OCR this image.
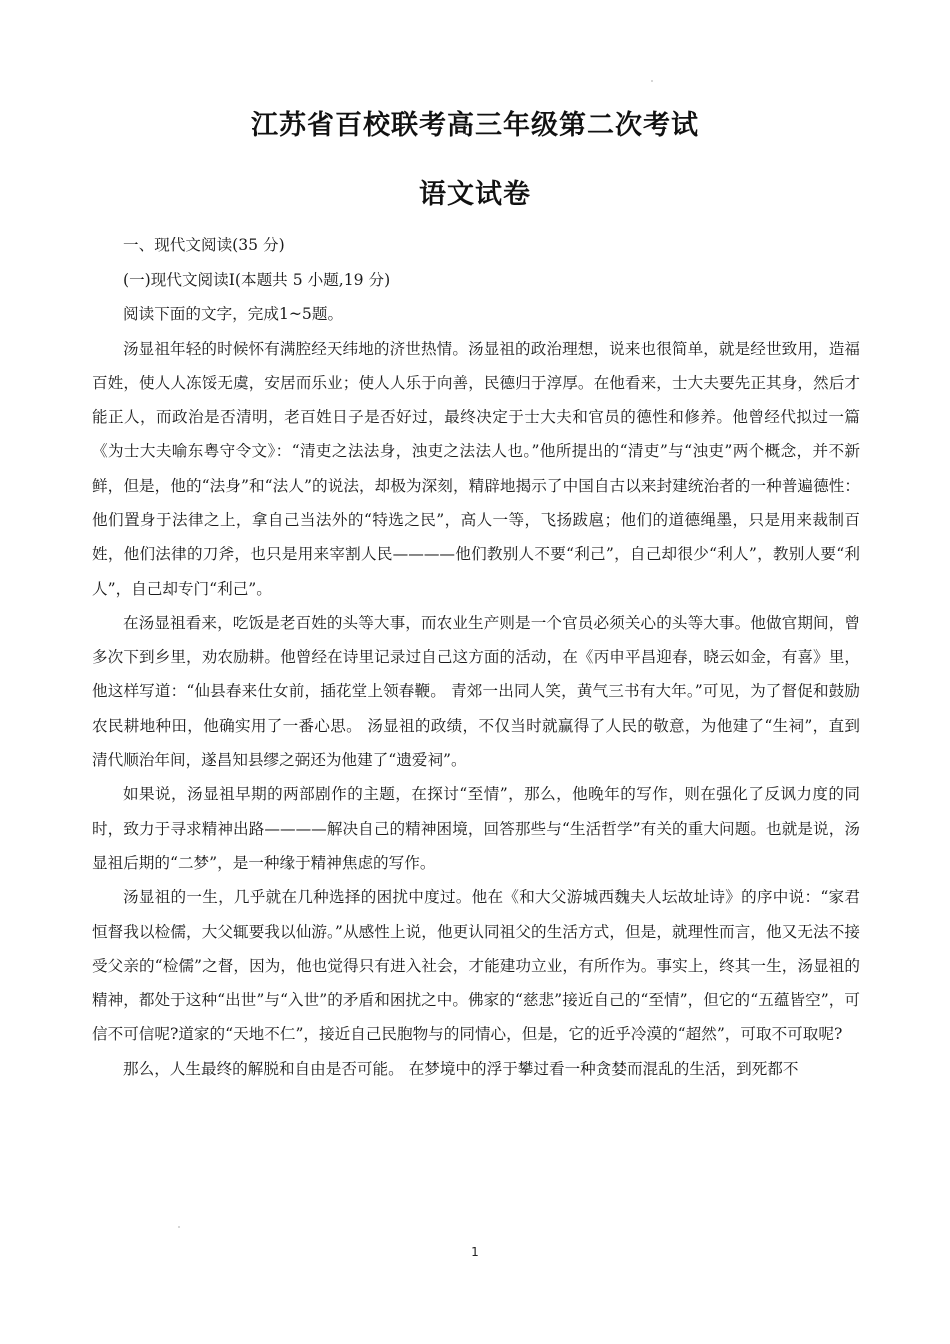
江苏省百校联考高三年级第二次考试
语文试卷

一、现代文阅读(35 分)

(一)现代文阅读Ⅰ(本题共 5 小题,19 分)

阅读下面的文字，完成1~5题。

汤显祖年轻的时候怀有满腔经天纬地的济世热情。汤显祖的政治理想，说来也很简单，就是经世致用，造福百姓，使人人冻馁无虞，安居而乐业；使人人乐于向善，民德归于淳厚。在他看来，士大夫要先正其身，然后才能正人，而政治是否清明，老百姓日子是否好过，最终决定于士大夫和官员的德性和修养。他曾经代拟过一篇《为士大夫喻东粤守令文》：“清吏之法法身，浊吏之法法人也。”他所提出的“清吏”与“浊吏”两个概念，并不新鲜，但是，他的“法身”和“法人”的说法，却极为深刻，精辟地揭示了中国自古以来封建统治者的一种普遍德性：他们置身于法律之上，拿自己当法外的“特选之民”，高人一等，飞扬跋扈；他们的道德绳墨，只是用来裁制百姓，他们法律的刀斧，也只是用来宰割人民————他们教别人不要“利己”，自己却很少“利人”，教别人要“利人”，自己却专门“利己”。

在汤显祖看来，吃饭是老百姓的头等大事，而农业生产则是一个官员必须关心的头等大事。他做官期间，曾多次下到乡里，劝农励耕。他曾经在诗里记录过自己这方面的活动，在《丙申平昌迎春，晓云如金，有喜》里，他这样写道：“仙县春来仕女前，插花堂上领春鞭。 青郊一出同人笑，黄气三书有大年。”可见，为了督促和鼓励农民耕地种田，他确实用了一番心思。 汤显祖的政绩，不仅当时就赢得了人民的敬意，为他建了“生祠”，直到清代顺治年间，遂昌知县缪之弼还为他建了“遗爱祠”。

如果说，汤显祖早期的两部剧作的主题，在探讨“至情”，那么，他晚年的写作，则在强化了反讽力度的同时，致力于寻求精神出路————解决自己的精神困境，回答那些与“生活哲学”有关的重大问题。也就是说，汤显祖后期的“二梦”，是一种缘于精神焦虑的写作。

汤显祖的一生，几乎就在几种选择的困扰中度过。他在《和大父游城西魏夫人坛故址诗》的序中说：“家君恒督我以检儒，大父辄要我以仙游。”从感性上说，他更认同祖父的生活方式，但是，就理性而言，他又无法不接受父亲的“检儒”之督，因为，他也觉得只有进入社会，才能建功立业，有所作为。事实上，终其一生，汤显祖的精神，都处于这种“出世”与“入世”的矛盾和困扰之中。佛家的“慈悲”接近自己的“至情”，但它的“五蕴皆空”，可信不可信呢?道家的“天地不仁”，接近自己民胞物与的同情心，但是，它的近乎冷漠的“超然”，可取不可取呢?

那么，人生最终的解脱和自由是否可能。 在梦境中的浮于攀过看一种贪婪而混乱的生活，到死都不

1
